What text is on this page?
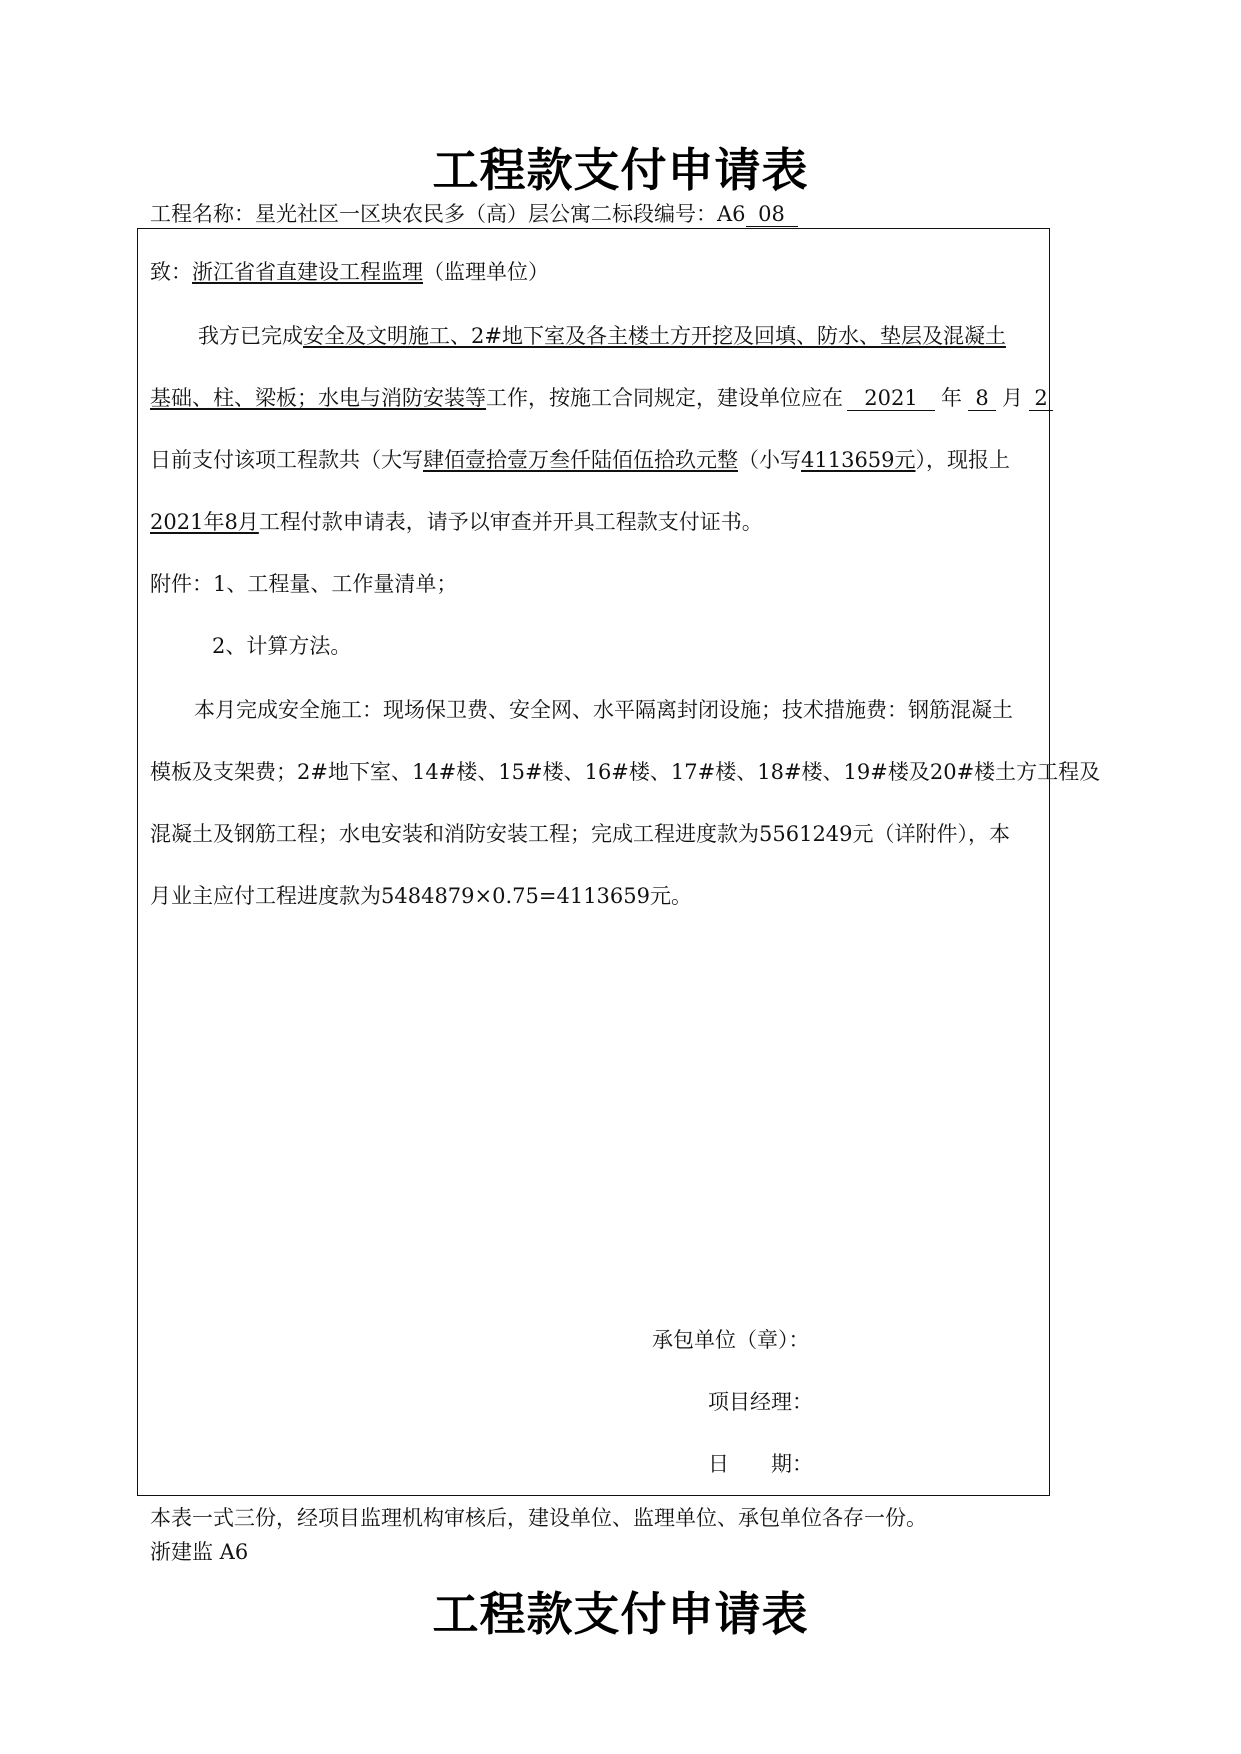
工程款支付申请表
工程名称：星光社区一区块农民多（高）层公寓二标段编号：A6 08
致：浙江省省直建设工程监理（监理单位）
我方已完成安全及文明施工、2#地下室及各主楼土方开挖及回填、防水、垫层及混凝土
基础、柱、梁板；水电与消防安装等工作，按施工合同规定，建设单位应在 2021 年 8 月 2
日前支付该项工程款共（大写肆佰壹拾壹万叁仟陆佰伍拾玖元整（小写4113659元），现报上
2021年8月工程付款申请表，请予以审查并开具工程款支付证书。
附件：1、工程量、工作量清单；
2、计算方法。
本月完成安全施工：现场保卫费、安全网、水平隔离封闭设施；技术措施费：钢筋混凝土
模板及支架费；2#地下室、14#楼、15#楼、16#楼、17#楼、18#楼、19#楼及20#楼土方工程及
混凝土及钢筋工程；水电安装和消防安装工程；完成工程进度款为5561249元（详附件），本
月业主应付工程进度款为5484879×0.75=4113659元。
承包单位（章）：
项目经理：
日　　期：
本表一式三份，经项目监理机构审核后，建设单位、监理单位、承包单位各存一份。
浙建监 A6
工程款支付申请表
